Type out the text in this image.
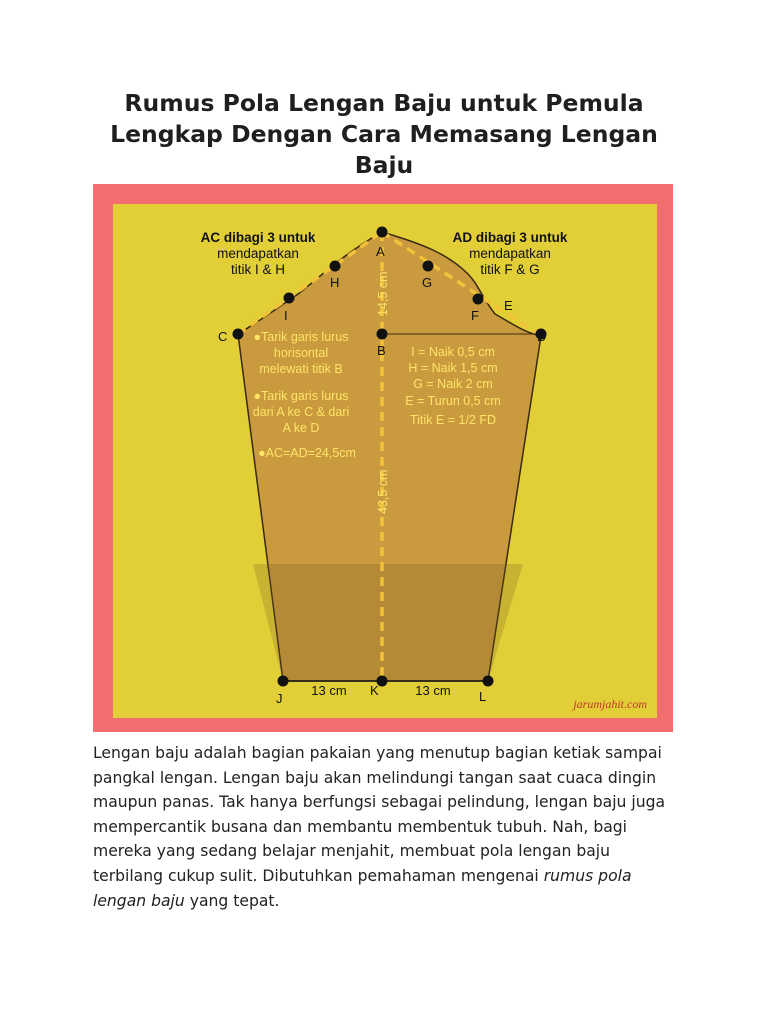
Rumus Pola Lengan Baju untuk Pemula Lengkap Dengan Cara Memasang Lengan Baju
A
H
I
C
B
G
F
E
D
J
K	L
AC dibagi 3 untuk
mendapatkan
titik I & H
AD dibagi 3 untuk
mendapatkan
titik F & G
14,5 cm
43,5 cm
●Tarik garis lurus
horisontal
melewati titik B
●Tarik garis lurus
dari A ke C & dari
A ke D
●AC=AD=24,5cm
I = Naik 0,5 cm
H = Naik 1,5 cm
G = Naik 2 cm
E = Turun 0,5 cm
Titik E = 1/2 FD
13 cm	13 cm
jarumjahit.com

Lengan baju adalah bagian pakaian yang menutup bagian ketiak sampai pangkal lengan. Lengan baju akan melindungi tangan saat cuaca dingin maupun panas. Tak hanya berfungsi sebagai pelindung, lengan baju juga mempercantik busana dan membantu membentuk tubuh. Nah, bagi mereka yang sedang belajar menjahit, membuat pola lengan baju terbilang cukup sulit. Dibutuhkan pemahaman mengenai rumus pola lengan baju yang tepat.
